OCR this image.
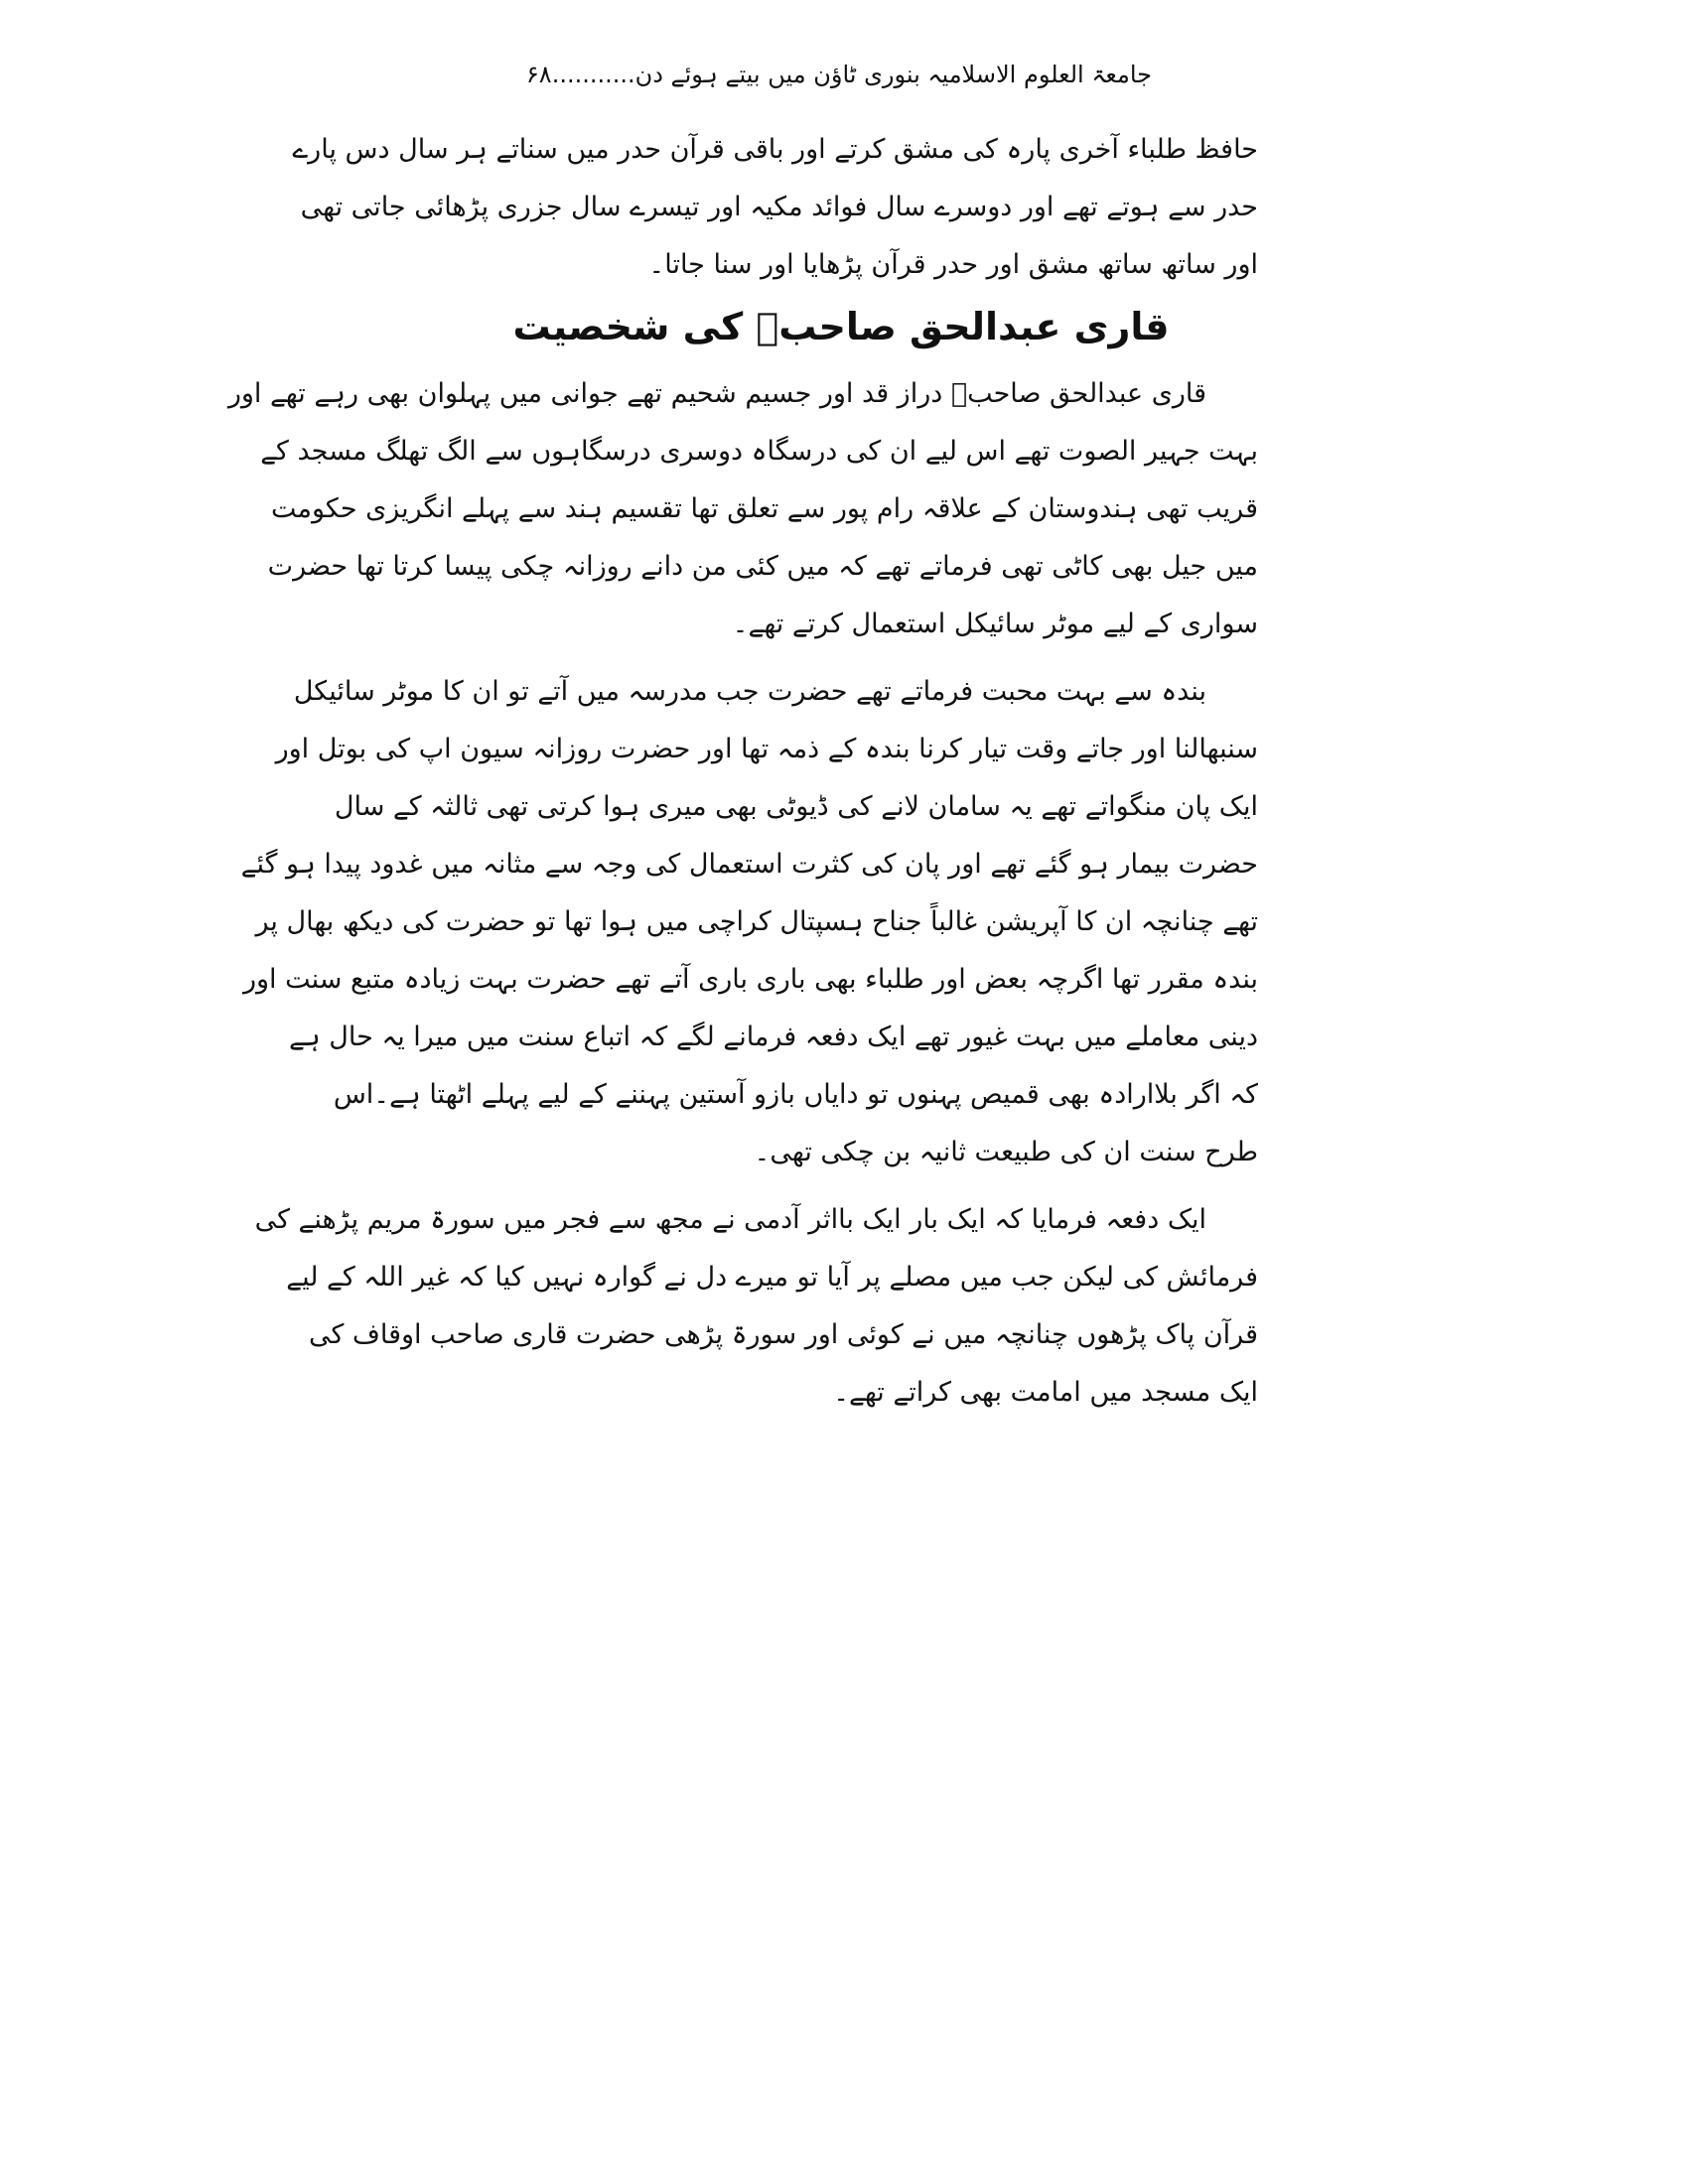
جامعۃ العلوم الاسلامیہ بنوری ٹاؤن میں بیتے ہوئے دن...........۶۸

حافظ طلباء آخری پارہ کی مشق کرتے اور باقی قرآن حدر میں سناتے ہر سال دس پارے

حدر سے ہوتے تھے اور دوسرے سال فوائد مکیہ اور تیسرے سال جزری پڑھائی جاتی تھی

اور ساتھ ساتھ مشق اور حدر قرآن پڑھایا اور سنا جاتا۔

قاری عبدالحق صاحبؒ کی شخصیت

قاری عبدالحق صاحبؒ دراز قد اور جسیم شحیم تھے جوانی میں پہلوان بھی رہے تھے اور

بہت جہیر الصوت تھے اس لیے ان کی درسگاہ دوسری درسگاہوں سے الگ تھلگ مسجد کے

قریب تھی ہندوستان کے علاقہ رام پور سے تعلق تھا تقسیم ہند سے پہلے انگریزی حکومت

میں جیل بھی کاٹی تھی فرماتے تھے کہ میں کئی من دانے روزانہ چکی پیسا کرتا تھا حضرت

سواری کے لیے موٹر سائیکل استعمال کرتے تھے۔

بندہ سے بہت محبت فرماتے تھے حضرت جب مدرسہ میں آتے تو ان کا موٹر سائیکل

سنبھالنا اور جاتے وقت تیار کرنا بندہ کے ذمہ تھا اور حضرت روزانہ سیون اپ کی بوتل اور

ایک پان منگواتے تھے یہ سامان لانے کی ڈیوٹی بھی میری ہوا کرتی تھی ثالثہ کے سال

حضرت بیمار ہو گئے تھے اور پان کی کثرت استعمال کی وجہ سے مثانہ میں غدود پیدا ہو گئے

تھے چنانچہ ان کا آپریشن غالباً جناح ہسپتال کراچی میں ہوا تھا تو حضرت کی دیکھ بھال پر

بندہ مقرر تھا اگرچہ بعض اور طلباء بھی باری باری آتے تھے حضرت بہت زیادہ متبع سنت اور

دینی معاملے میں بہت غیور تھے ایک دفعہ فرمانے لگے کہ اتباع سنت میں میرا یہ حال ہے

کہ اگر بلاارادہ بھی قمیص پہنوں تو دایاں بازو آستین پہننے کے لیے پہلے اٹھتا ہے۔اس

طرح سنت ان کی طبیعت ثانیہ بن چکی تھی۔

ایک دفعہ فرمایا کہ ایک بار ایک بااثر آدمی نے مجھ سے فجر میں سورۃ مریم پڑھنے کی

فرمائش کی لیکن جب میں مصلے پر آیا تو میرے دل نے گوارہ نہیں کیا کہ غیر اللہ کے لیے

قرآن پاک پڑھوں چنانچہ میں نے کوئی اور سورۃ پڑھی حضرت قاری صاحب اوقاف کی

ایک مسجد میں امامت بھی کراتے تھے۔
